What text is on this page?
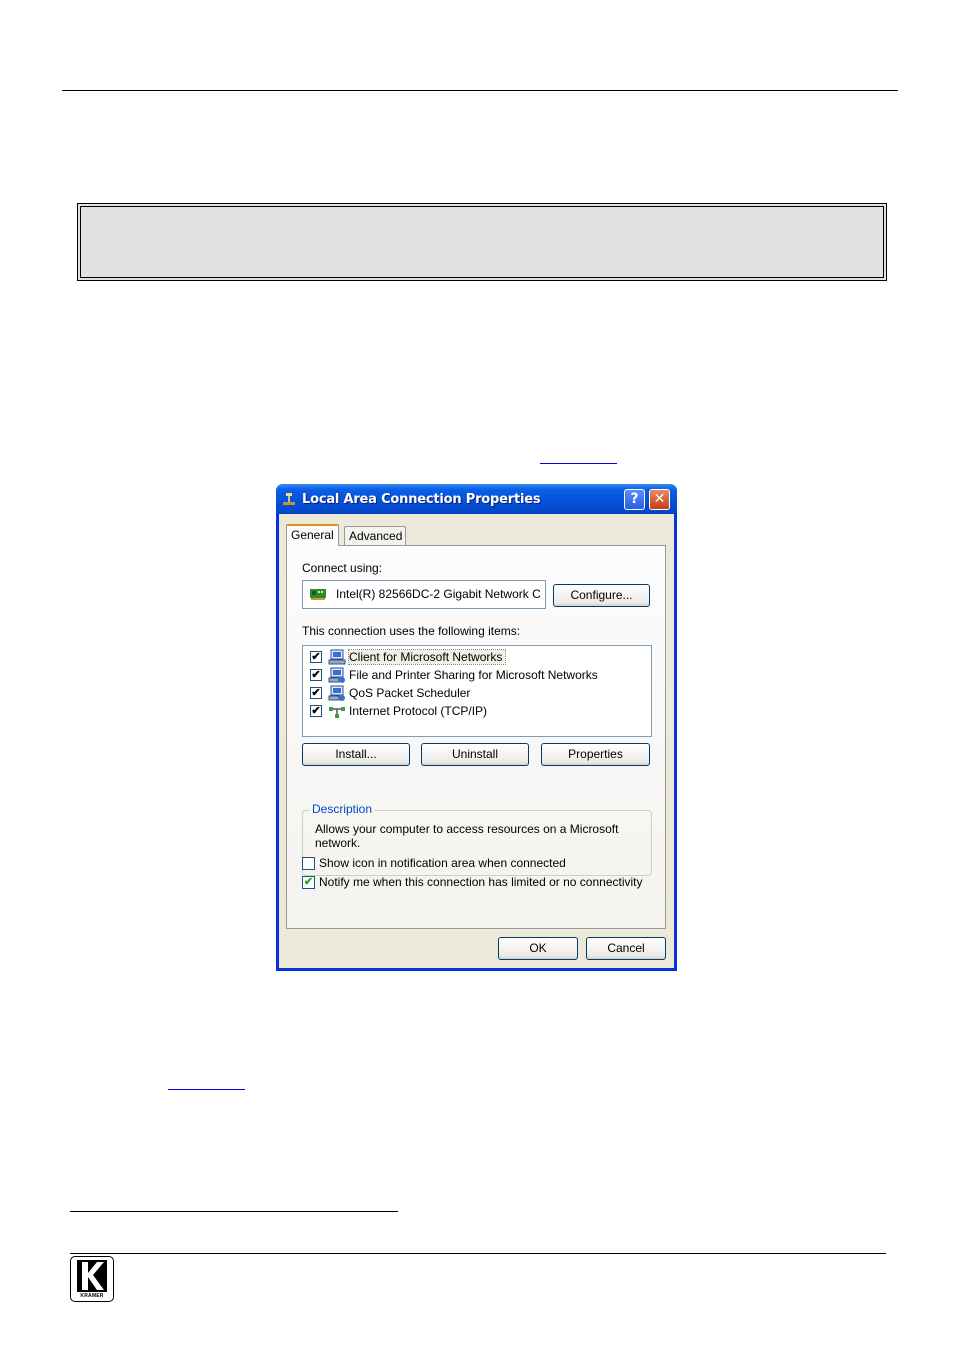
Local Area Connection Properties	?	✕
General	Advanced
Connect using:
Intel(R) 82566DC-2 Gigabit Network C	Configure...
This connection uses the following items:
✔ Client for Microsoft Networks
✔ File and Printer Sharing for Microsoft Networks
✔ QoS Packet Scheduler
✔ Internet Protocol (TCP/IP)
Install...	Uninstall	Properties
Description
Allows your computer to access resources on a Microsoft network.
Show icon in notification area when connected
✔ Notify me when this connection has limited or no connectivity
OK	Cancel
KRAMER
